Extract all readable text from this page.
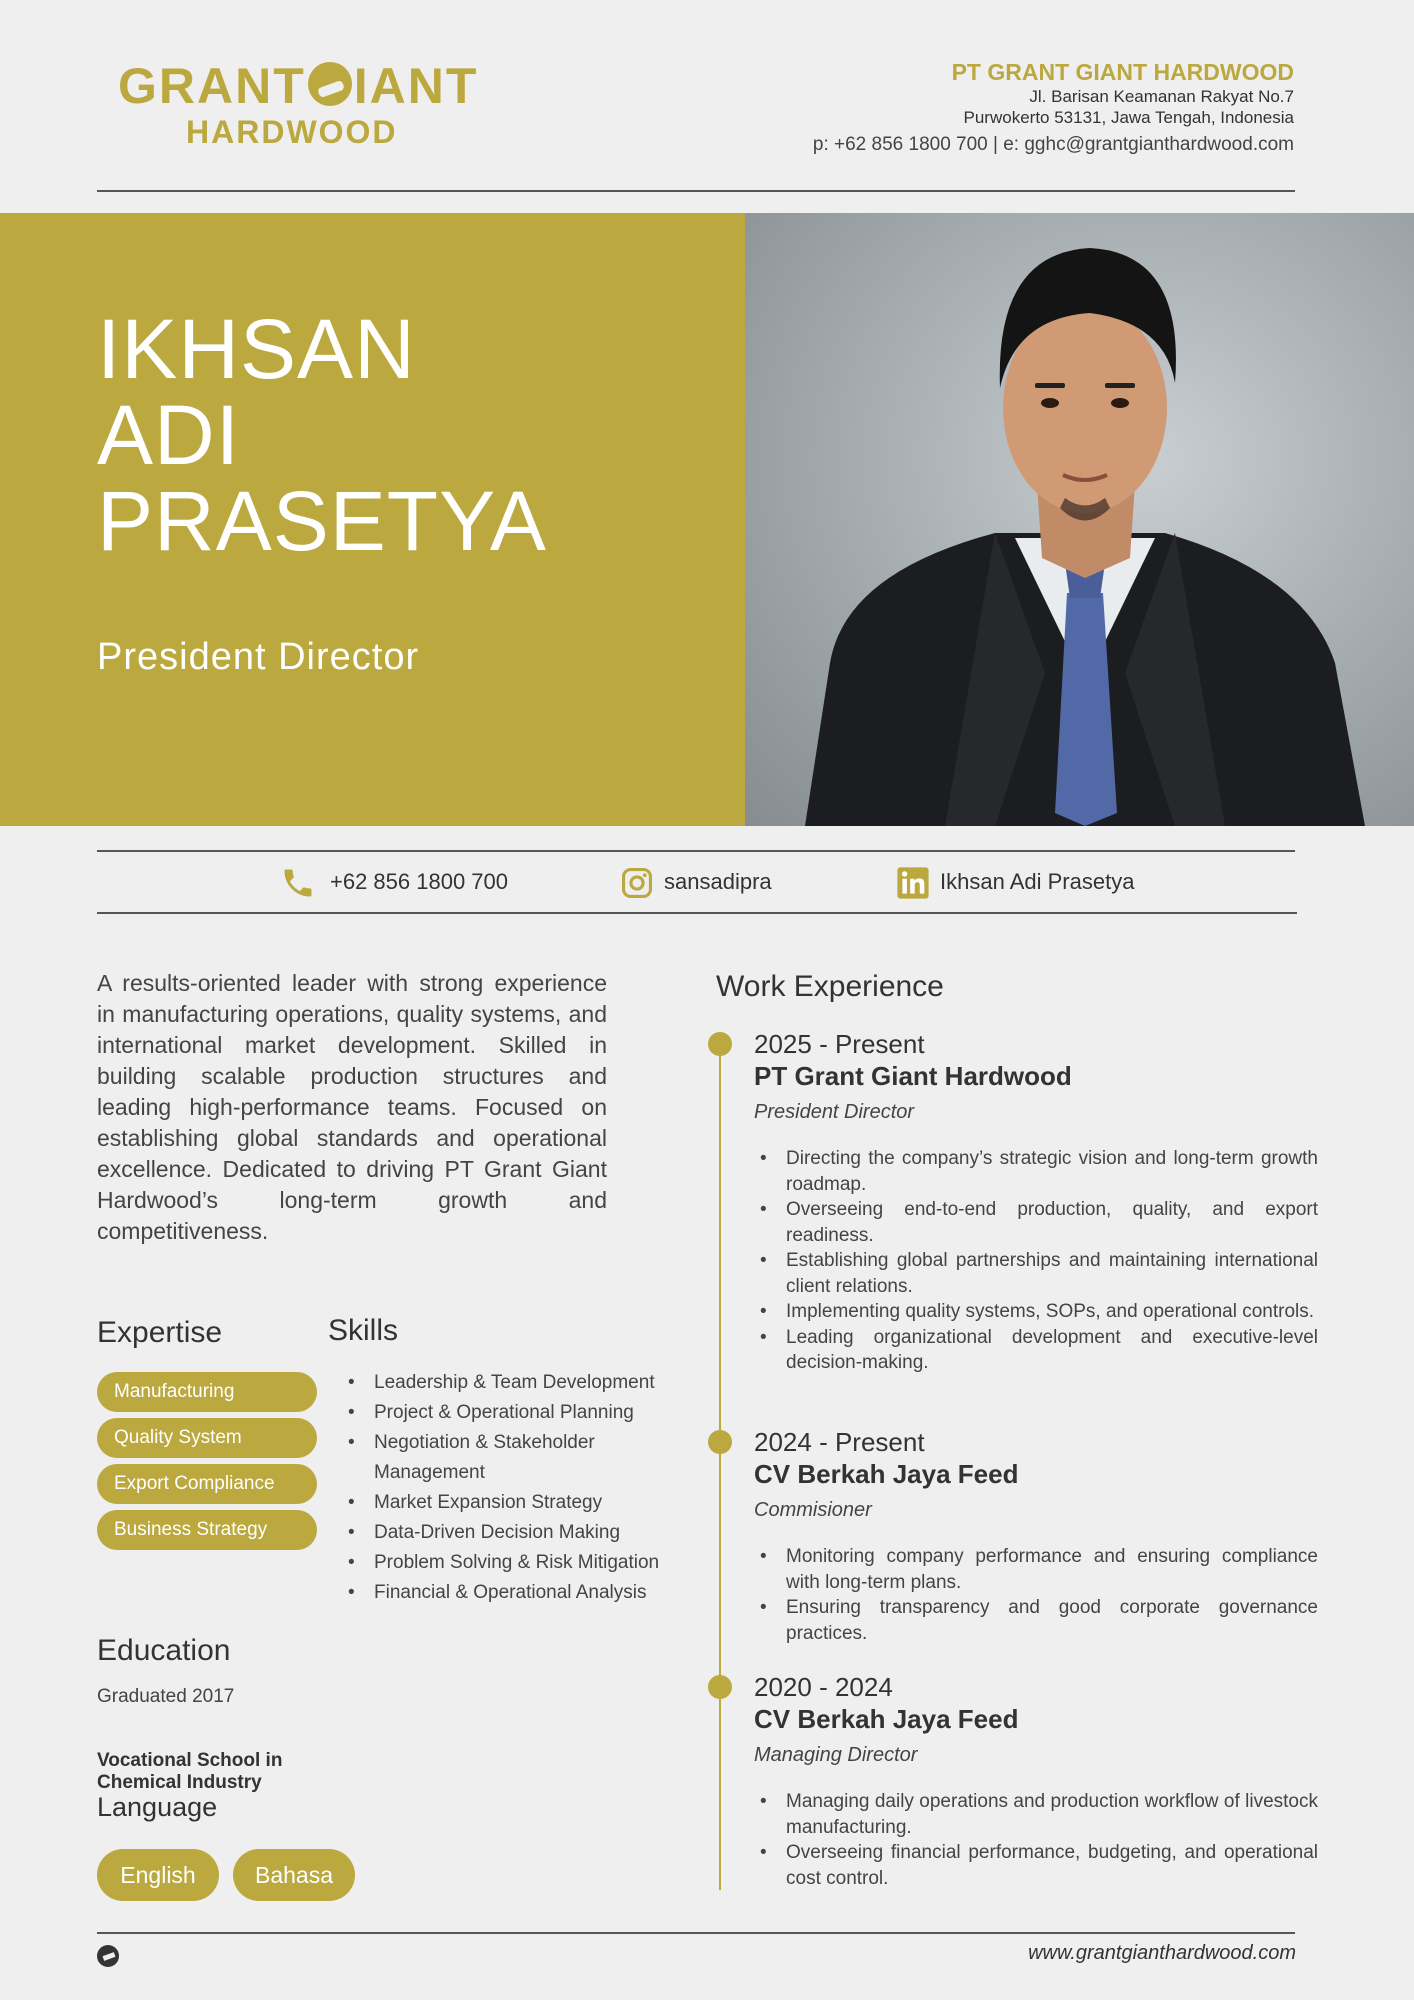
GRANT IANT
HARDWOOD
PT GRANT GIANT HARDWOOD
Jl. Barisan Keamanan Rakyat No.7
Purwokerto 53131, Jawa Tengah, Indonesia
p: +62 856 1800 700 | e: gghc@grantgianthardwood.com
IKHSAN
ADI
PRASETYA
President Director
+62 856 1800 700	sansadipra	Ikhsan Adi Prasetya

A results-oriented leader with strong experience in manufacturing operations, quality systems, and international market development. Skilled in building scalable production structures and leading high-performance teams. Focused on establishing global standards and operational excellence. Dedicated to driving PT Grant Giant Hardwood’s long-term growth and competitiveness.

Expertise
Manufacturing
Quality System
Export Compliance
Business Strategy
Skills
• Leadership & Team Development
• Project & Operational Planning
• Negotiation & Stakeholder Management
• Market Expansion Strategy
• Data-Driven Decision Making
• Problem Solving & Risk Mitigation
• Financial & Operational Analysis
Education
Graduated 2017
Vocational School in Chemical Industry
Language
English	Bahasa
Work Experience
2025 - Present
PT Grant Giant Hardwood
President Director
• Directing the company’s strategic vision and long-term growth roadmap.
• Overseeing end-to-end production, quality, and export readiness.
• Establishing global partnerships and maintaining international client relations.
• Implementing quality systems, SOPs, and operational controls.
• Leading organizational development and executive-level decision-making.
2024 - Present
CV Berkah Jaya Feed
Commisioner
• Monitoring company performance and ensuring compliance with long-term plans.
• Ensuring transparency and good corporate governance practices.
2020 - 2024
CV Berkah Jaya Feed
Managing Director
• Managing daily operations and production workflow of livestock manufacturing.
• Overseeing financial performance, budgeting, and operational cost control.
www.grantgianthardwood.com
